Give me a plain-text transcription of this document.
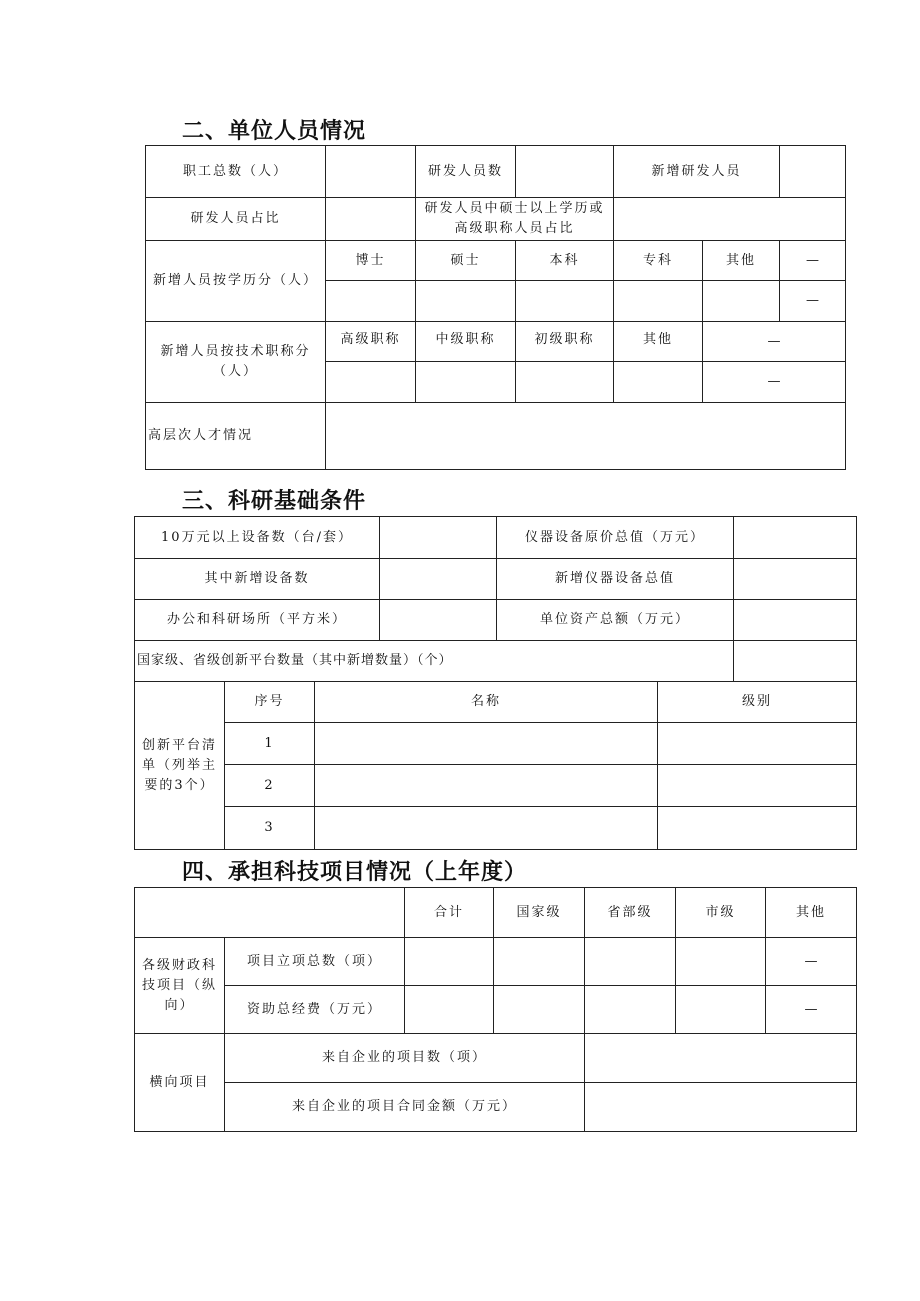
二、单位人员情况
职工总数（人）		研发人员数		新增研发人员		
研发人员占比		研发人员中硕士以上学历或
高级职称人员占比				

新增人员按学历分（人）	博士	硕士	本科	专科	其他	—
						—

新增人员按技术职称分
（人）	高级职称	中级职称	初级职称	其他	—	
					—	
高层次人才情况						
三、科研基础条件
10万元以上设备数（台/套）				仪器设备原价总值（万元）		
其中新增设备数				新增仪器设备总值		
办公和科研场所（平方米）				单位资产总额（万元）		
国家级、省级创新平台数量（其中新增数量）（个）						

创新平台清
单（列举主
要的3个）	序号	名称			级别	
	1					
	2					
	3					
四、承担科技项目情况（上年度）
		合计	国家级	省部级	市级	其他

各级财政科
技项目（纵
向）	项目立项总数（项）					—
	资助总经费（万元）					—
横向项目	来自企业的项目数（项）					
	来自企业的项目合同金额（万元）					
